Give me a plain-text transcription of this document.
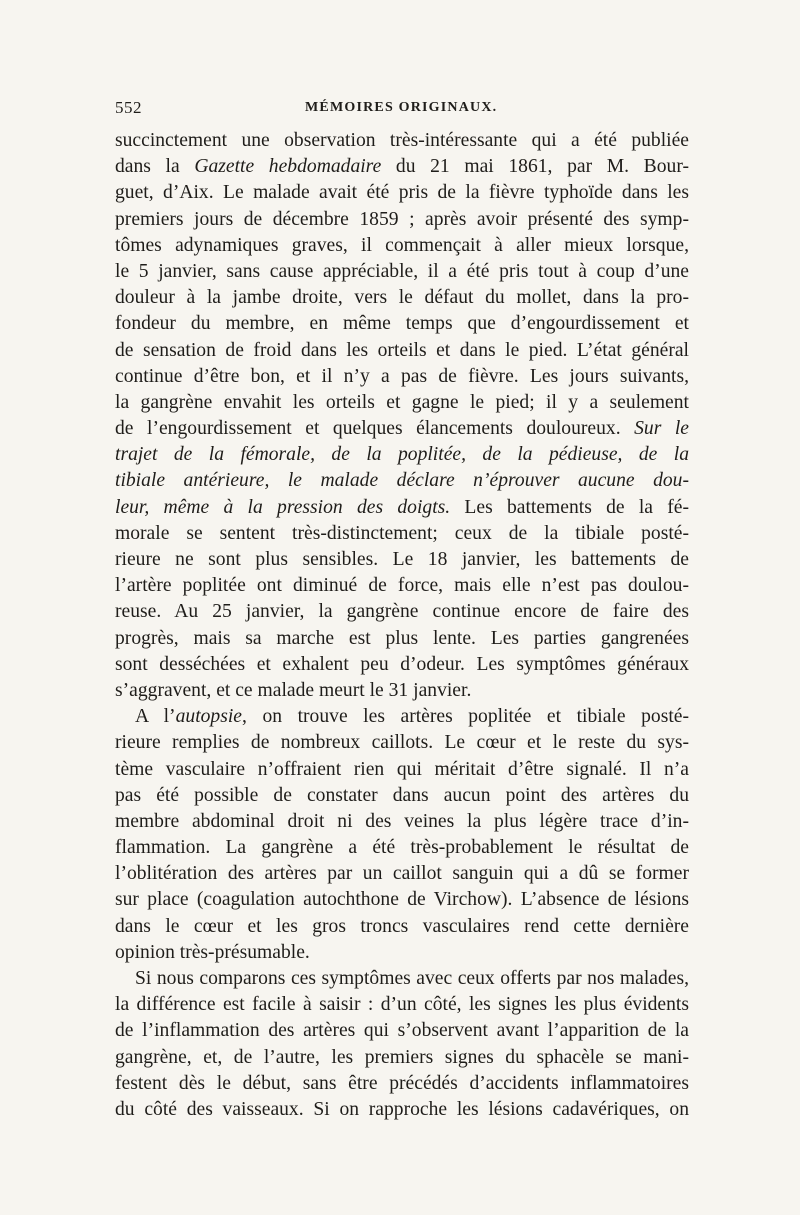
552	MÉMOIRES ORIGINAUX.
succinctement une observation très-intéressante qui a été publiée
dans la Gazette hebdomadaire du 21 mai 1861, par M. Bour-
guet, d’Aix. Le malade avait été pris de la fièvre typhoïde dans les
premiers jours de décembre 1859 ; après avoir présenté des symp-
tômes adynamiques graves, il commençait à aller mieux lorsque,
le 5 janvier, sans cause appréciable, il a été pris tout à coup d’une
douleur à la jambe droite, vers le défaut du mollet, dans la pro-
fondeur du membre, en même temps que d’engourdissement et
de sensation de froid dans les orteils et dans le pied. L’état général
continue d’être bon, et il n’y a pas de fièvre. Les jours suivants,
la gangrène envahit les orteils et gagne le pied; il y a seulement
de l’engourdissement et quelques élancements douloureux. Sur le
trajet de la fémorale, de la poplitée, de la pédieuse, de la
tibiale antérieure, le malade déclare n’éprouver aucune dou-
leur, même à la pression des doigts. Les battements de la fé-
morale se sentent très-distinctement; ceux de la tibiale posté-
rieure ne sont plus sensibles. Le 18 janvier, les battements de
l’artère poplitée ont diminué de force, mais elle n’est pas doulou-
reuse. Au 25 janvier, la gangrène continue encore de faire des
progrès, mais sa marche est plus lente. Les parties gangrenées
sont desséchées et exhalent peu d’odeur. Les symptômes généraux
s’aggravent, et ce malade meurt le 31 janvier.
A l’autopsie, on trouve les artères poplitée et tibiale posté-
rieure remplies de nombreux caillots. Le cœur et le reste du sys-
tème vasculaire n’offraient rien qui méritait d’être signalé. Il n’a
pas été possible de constater dans aucun point des artères du
membre abdominal droit ni des veines la plus légère trace d’in-
flammation. La gangrène a été très-probablement le résultat de
l’oblitération des artères par un caillot sanguin qui a dû se former
sur place (coagulation autochthone de Virchow). L’absence de lésions
dans le cœur et les gros troncs vasculaires rend cette dernière
opinion très-présumable.
Si nous comparons ces symptômes avec ceux offerts par nos malades,
la différence est facile à saisir : d’un côté, les signes les plus évidents
de l’inflammation des artères qui s’observent avant l’apparition de la
gangrène, et, de l’autre, les premiers signes du sphacèle se mani-
festent dès le début, sans être précédés d’accidents inflammatoires
du côté des vaisseaux. Si on rapproche les lésions cadavériques, on
